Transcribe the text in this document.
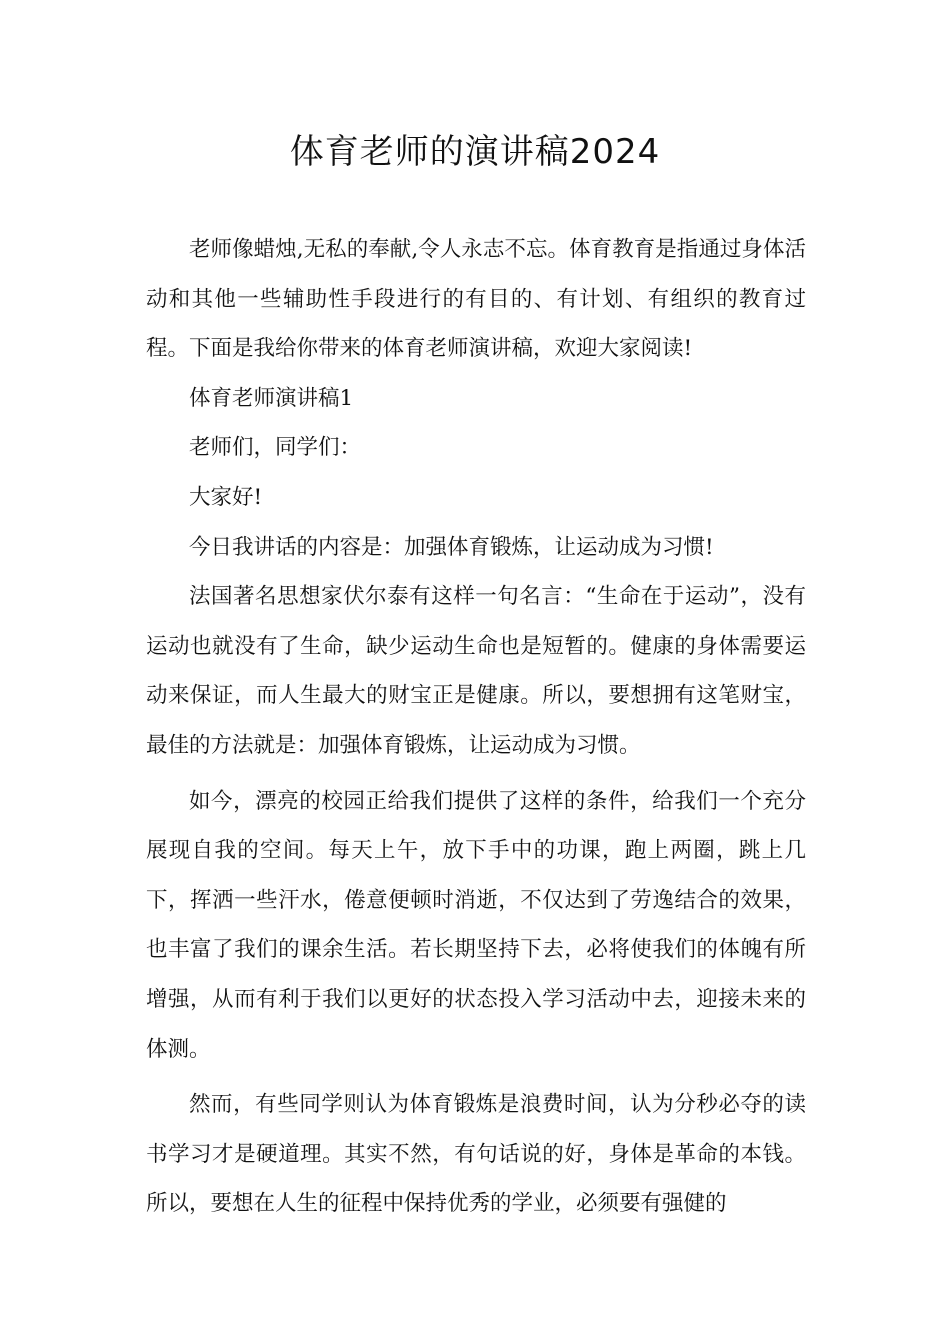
体育老师的演讲稿2024

老师像蜡烛,无私的奉献,令人永志不忘。体育教育是指通过身体活动和其他一些辅助性手段进行的有目的、有计划、有组织的教育过程。下面是我给你带来的体育老师演讲稿，欢迎大家阅读!

体育老师演讲稿1

老师们，同学们：

大家好!

今日我讲话的内容是：加强体育锻炼，让运动成为习惯!

法国著名思想家伏尔泰有这样一句名言：“生命在于运动”，没有运动也就没有了生命，缺少运动生命也是短暂的。健康的身体需要运动来保证，而人生最大的财宝正是健康。所以，要想拥有这笔财宝，最佳的方法就是：加强体育锻炼，让运动成为习惯。

如今，漂亮的校园正给我们提供了这样的条件，给我们一个充分展现自我的空间。每天上午，放下手中的功课，跑上两圈，跳上几下，挥洒一些汗水，倦意便顿时消逝，不仅达到了劳逸结合的效果，也丰富了我们的课余生活。若长期坚持下去，必将使我们的体魄有所增强，从而有利于我们以更好的状态投入学习活动中去，迎接未来的体测。

然而，有些同学则认为体育锻炼是浪费时间，认为分秒必夺的读书学习才是硬道理。其实不然，有句话说的好，身体是革命的本钱。所以，要想在人生的征程中保持优秀的学业，必须要有强健的
